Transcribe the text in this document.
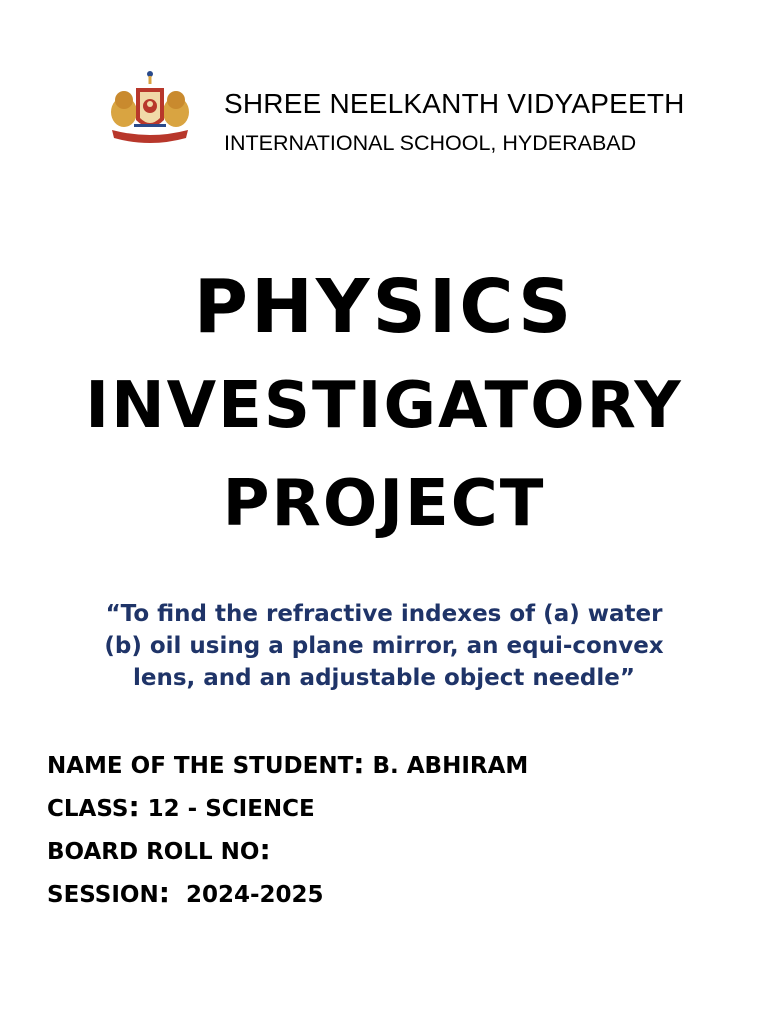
SHREE NEELKANTH VIDYAPEETH
INTERNATIONAL SCHOOL, HYDERABAD
PHYSICS
INVESTIGATORY
PROJECT
“To find the refractive indexes of (a) water
(b) oil using a plane mirror, an equi-convex
lens, and an adjustable object needle”
NAME OF THE STUDENT: B. ABHIRAM
CLASS: 12 - SCIENCE
BOARD ROLL NO:
SESSION:  2024-2025
